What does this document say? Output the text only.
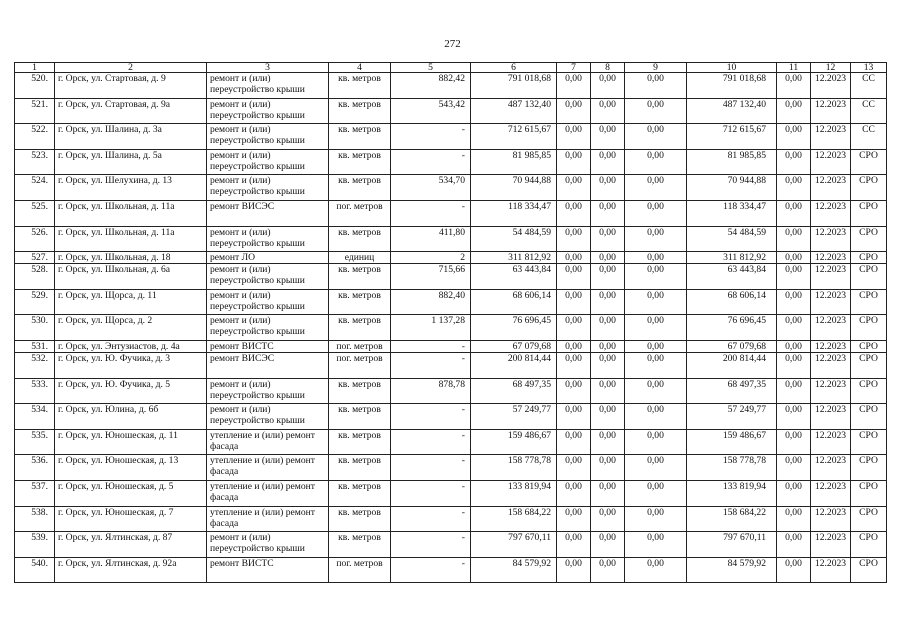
272
1	2	3	4	5	6	7	8	9	10	11	12	13
520.	г. Орск, ул. Стартовая, д. 9	ремонт и (или) переустройство крыши	кв. метров	882,42	791 018,68	0,00	0,00	0,00	791 018,68	0,00	12.2023	СС
521.	г. Орск, ул. Стартовая, д. 9а	ремонт и (или) переустройство крыши	кв. метров	543,42	487 132,40	0,00	0,00	0,00	487 132,40	0,00	12.2023	СС
522.	г. Орск, ул. Шалина, д. 3а	ремонт и (или) переустройство крыши	кв. метров	-	712 615,67	0,00	0,00	0,00	712 615,67	0,00	12.2023	СС
523.	г. Орск, ул. Шалина, д. 5а	ремонт и (или) переустройство крыши	кв. метров	-	81 985,85	0,00	0,00	0,00	81 985,85	0,00	12.2023	СРО
524.	г. Орск, ул. Шелухина, д. 13	ремонт и (или) переустройство крыши	кв. метров	534,70	70 944,88	0,00	0,00	0,00	70 944,88	0,00	12.2023	СРО
525.	г. Орск, ул. Школьная, д. 11а	ремонт ВИСЭС	пог. метров	-	118 334,47	0,00	0,00	0,00	118 334,47	0,00	12.2023	СРО
526.	г. Орск, ул. Школьная, д. 11а	ремонт и (или) переустройство крыши	кв. метров	411,80	54 484,59	0,00	0,00	0,00	54 484,59	0,00	12.2023	СРО
527.	г. Орск, ул. Школьная, д. 18	ремонт ЛО	единиц	2	311 812,92	0,00	0,00	0,00	311 812,92	0,00	12.2023	СРО
528.	г. Орск, ул. Школьная, д. 6а	ремонт и (или) переустройство крыши	кв. метров	715,66	63 443,84	0,00	0,00	0,00	63 443,84	0,00	12.2023	СРО
529.	г. Орск, ул. Щорса, д. 11	ремонт и (или) переустройство крыши	кв. метров	882,40	68 606,14	0,00	0,00	0,00	68 606,14	0,00	12.2023	СРО
530.	г. Орск, ул. Щорса, д. 2	ремонт и (или) переустройство крыши	кв. метров	1 137,28	76 696,45	0,00	0,00	0,00	76 696,45	0,00	12.2023	СРО
531.	г. Орск, ул. Энтузиастов, д. 4а	ремонт ВИСТС	пог. метров	-	67 079,68	0,00	0,00	0,00	67 079,68	0,00	12.2023	СРО
532.	г. Орск, ул. Ю. Фучика, д. 3	ремонт ВИСЭС	пог. метров	-	200 814,44	0,00	0,00	0,00	200 814,44	0,00	12.2023	СРО
533.	г. Орск, ул. Ю. Фучика, д. 5	ремонт и (или) переустройство крыши	кв. метров	878,78	68 497,35	0,00	0,00	0,00	68 497,35	0,00	12.2023	СРО
534.	г. Орск, ул. Юлина, д. 6б	ремонт и (или) переустройство крыши	кв. метров	-	57 249,77	0,00	0,00	0,00	57 249,77	0,00	12.2023	СРО
535.	г. Орск, ул. Юношеская, д. 11	утепление и (или) ремонт фасада	кв. метров	-	159 486,67	0,00	0,00	0,00	159 486,67	0,00	12.2023	СРО
536.	г. Орск, ул. Юношеская, д. 13	утепление и (или) ремонт фасада	кв. метров	-	158 778,78	0,00	0,00	0,00	158 778,78	0,00	12.2023	СРО
537.	г. Орск, ул. Юношеская, д. 5	утепление и (или) ремонт фасада	кв. метров	-	133 819,94	0,00	0,00	0,00	133 819,94	0,00	12.2023	СРО
538.	г. Орск, ул. Юношеская, д. 7	утепление и (или) ремонт фасада	кв. метров	-	158 684,22	0,00	0,00	0,00	158 684,22	0,00	12.2023	СРО
539.	г. Орск, ул. Ялтинская, д. 87	ремонт и (или) переустройство крыши	кв. метров	-	797 670,11	0,00	0,00	0,00	797 670,11	0,00	12.2023	СРО
540.	г. Орск, ул. Ялтинская, д. 92а	ремонт ВИСТС	пог. метров	-	84 579,92	0,00	0,00	0,00	84 579,92	0,00	12.2023	СРО
